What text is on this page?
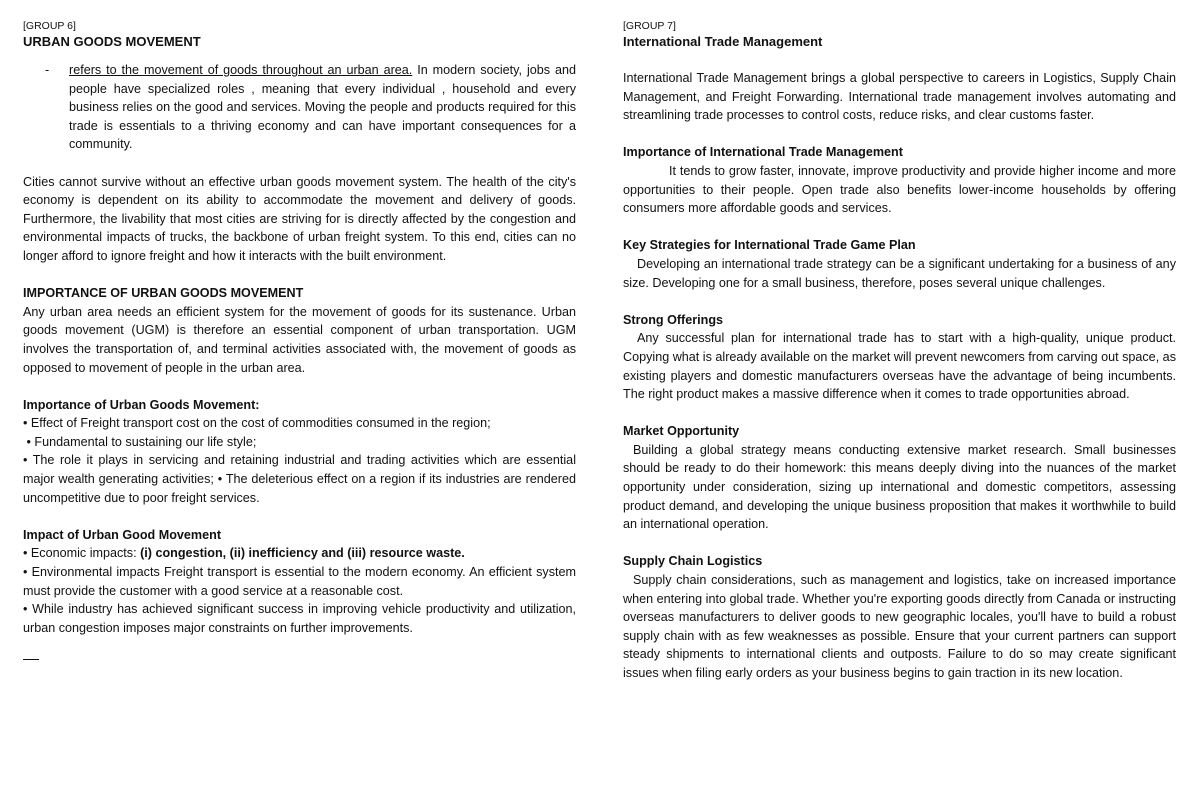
[GROUP 6]
URBAN GOODS MOVEMENT
- refers to the movement of goods throughout an urban area. In modern society, jobs and people have specialized roles , meaning that every individual , household and every business relies on the good and services. Moving the people and products required for this trade is essentials to a thriving economy and can have important consequences for a community.

Cities cannot survive without an effective urban goods movement system. The health of the city's economy is dependent on its ability to accommodate the movement and delivery of goods. Furthermore, the livability that most cities are striving for is directly affected by the congestion and environmental impacts of trucks, the backbone of urban freight system. To this end, cities can no longer afford to ignore freight and how it interacts with the built environment.

IMPORTANCE OF URBAN GOODS MOVEMENT

Any urban area needs an efficient system for the movement of goods for its sustenance. Urban goods movement (UGM) is therefore an essential component of urban transportation. UGM involves the transportation of, and terminal activities associated with, the movement of goods as opposed to movement of people in the urban area.

Importance of Urban Goods Movement:

• Effect of Freight transport cost on the cost of commodities consumed in the region;

• Fundamental to sustaining our life style;

• The role it plays in servicing and retaining industrial and trading activities which are essential major wealth generating activities; • The deleterious effect on a region if its industries are rendered uncompetitive due to poor freight services.

Impact of Urban Good Movement

• Economic impacts: (i) congestion, (ii) inefficiency and (iii) resource waste.

• Environmental impacts Freight transport is essential to the modern economy. An efficient system must provide the customer with a good service at a reasonable cost.

• While industry has achieved significant success in improving vehicle productivity and utilization, urban congestion imposes major constraints on further improvements.

[GROUP 7]
International Trade Management

International Trade Management brings a global perspective to careers in Logistics, Supply Chain Management, and Freight Forwarding. International trade management involves automating and streamlining trade processes to control costs, reduce risks, and clear customs faster.

Importance of International Trade Management

It tends to grow faster, innovate, improve productivity and provide higher income and more opportunities to their people. Open trade also benefits lower-income households by offering consumers more affordable goods and services.

Key Strategies for International Trade Game Plan

Developing an international trade strategy can be a significant undertaking for a business of any size. Developing one for a small business, therefore, poses several unique challenges.

Strong Offerings

Any successful plan for international trade has to start with a high-quality, unique product. Copying what is already available on the market will prevent newcomers from carving out space, as existing players and domestic manufacturers overseas have the advantage of being incumbents. The right product makes a massive difference when it comes to trade opportunities abroad.

Market Opportunity

Building a global strategy means conducting extensive market research. Small businesses should be ready to do their homework: this means deeply diving into the nuances of the market opportunity under consideration, sizing up international and domestic competitors, assessing product demand, and developing the unique business proposition that makes it worthwhile to build an international operation.

Supply Chain Logistics

Supply chain considerations, such as management and logistics, take on increased importance when entering into global trade. Whether you're exporting goods directly from Canada or instructing overseas manufacturers to deliver goods to new geographic locales, you'll have to build a robust supply chain with as few weaknesses as possible. Ensure that your current partners can support steady shipments to international clients and outposts. Failure to do so may create significant issues when filing early orders as your business begins to gain traction in its new location.
